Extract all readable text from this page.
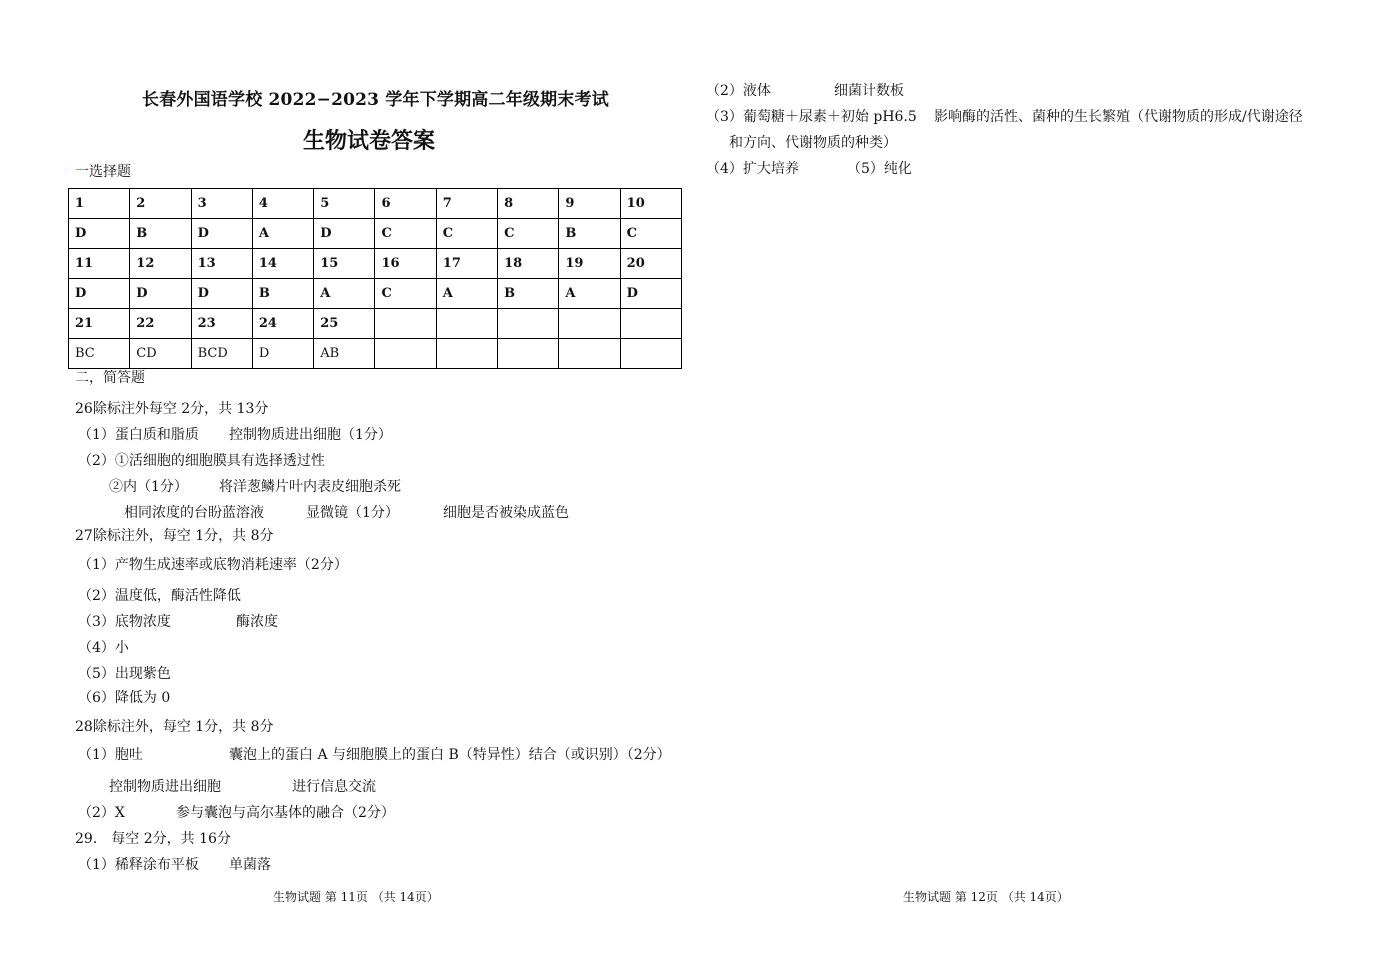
长春外国语学校 2022−2023 学年下学期高二年级期末考试
生物试卷答案
一选择题
1	2	3	4	5	6	7	8	9	10
D	B	D	A	D	C	C	C	B	C
11	12	13	14	15	16	17	18	19	20
D	D	D	B	A	C	A	B	A	D
21	22	23	24	25					
BC	CD	BCD	D	AB					
二，简答题
26除标注外每空 2分，共 13分
（1）蛋白质和脂质 控制物质进出细胞（1分）
（2）①活细胞的细胞膜具有选择透过性
②内（1分） 将洋葱鳞片叶内表皮细胞杀死
相同浓度的台盼蓝溶液	显微镜（1分）	细胞是否被染成蓝色
27除标注外，每空 1分，共 8分
（1）产物生成速率或底物消耗速率（2分）
（2）温度低，酶活性降低
（3）底物浓度	酶浓度
（4）小
（5）出现紫色
（6）降低为 0
28除标注外，每空 1分，共 8分
（1）胞吐	囊泡上的蛋白 A 与细胞膜上的蛋白 B（特异性）结合（或识别）（2分）
控制物质进出细胞	进行信息交流
（2）X	参与囊泡与高尔基体的融合（2分）
29． 每空 2分，共 16分
（1）稀释涂布平板 单菌落
（2）液体	细菌计数板
（3）葡萄糖＋尿素＋初始 pH6.5 影响酶的活性、菌种的生长繁殖（代谢物质的形成/代谢途径
和方向、代谢物质的种类）
（4）扩大培养	（5）纯化
生物试题 第 11页 （共 14页）	生物试题 第 12页 （共 14页）
